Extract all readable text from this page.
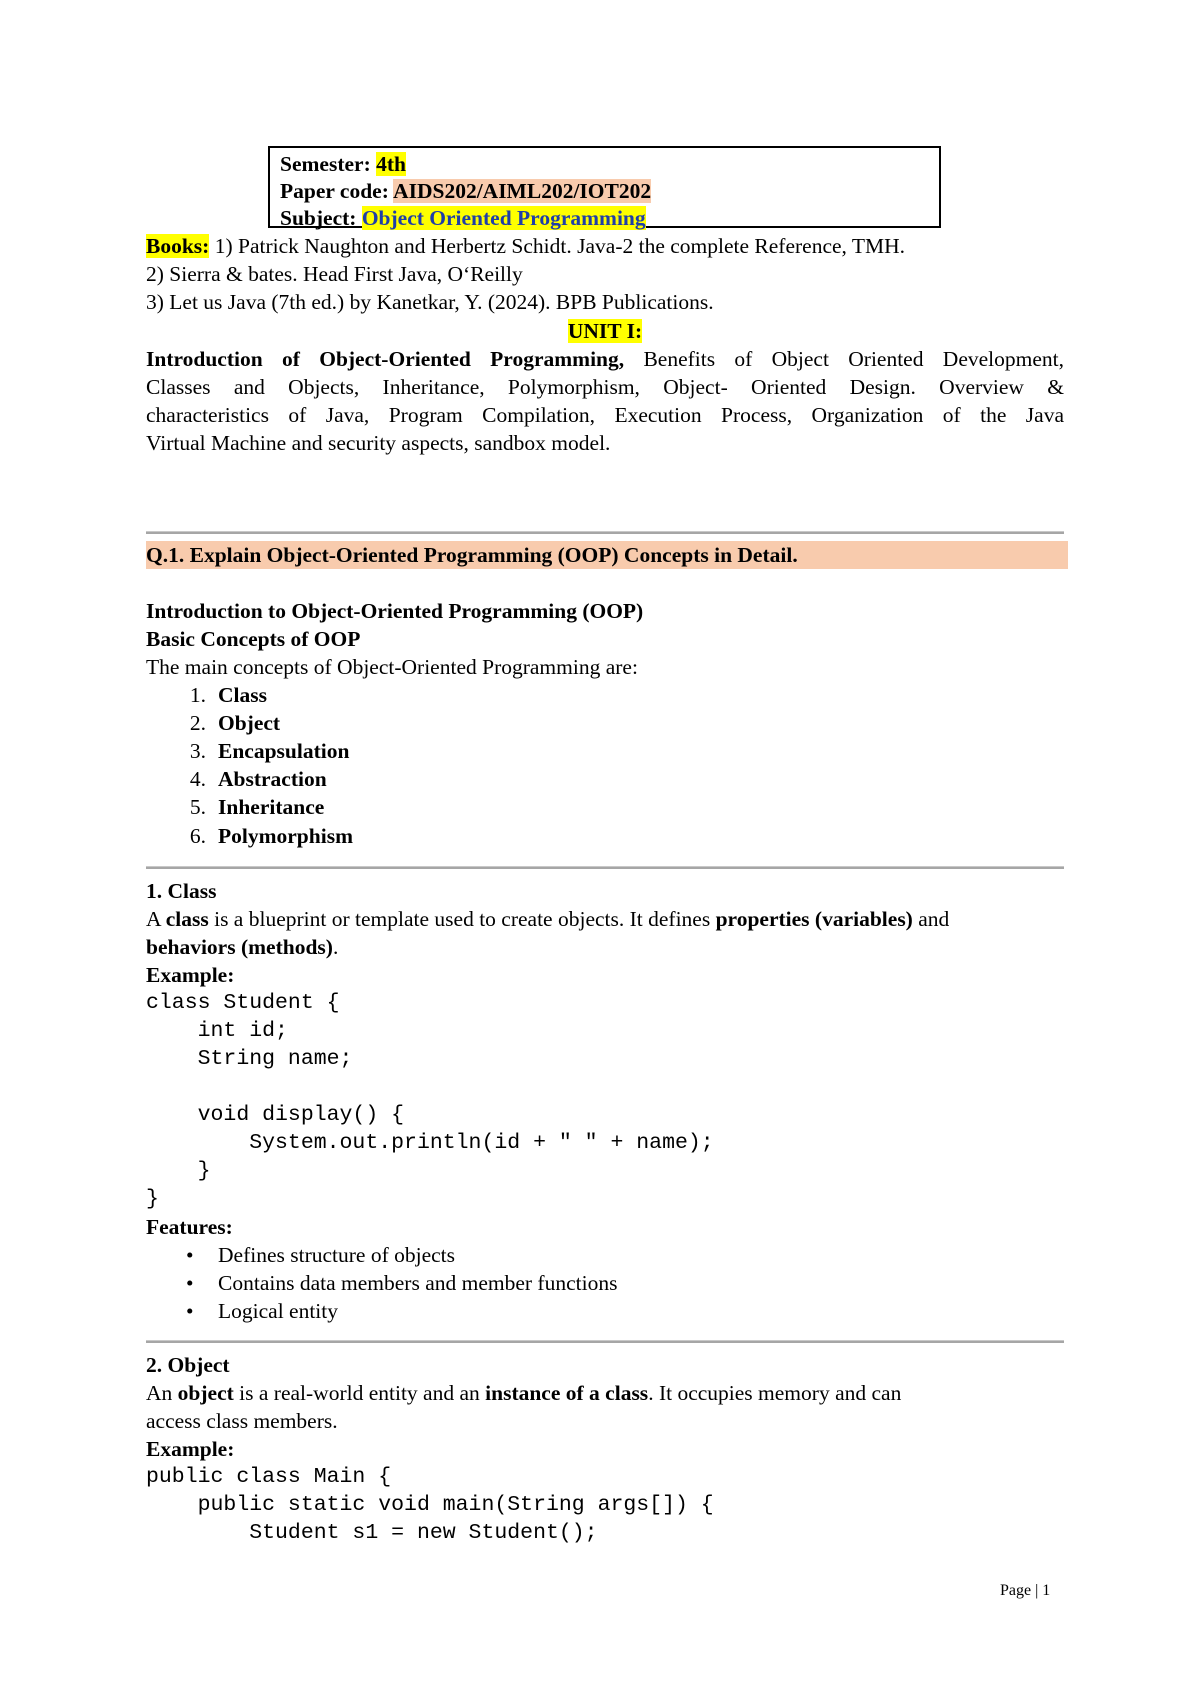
Semester: 4th
Paper code: AIDS202/AIML202/IOT202
Subject: Object Oriented Programming
Books: 1) Patrick Naughton and Herbertz Schidt. Java-2 the complete Reference, TMH.
2) Sierra & bates. Head First Java, O‘Reilly
3) Let us Java (7th ed.) by Kanetkar, Y. (2024). BPB Publications.
UNIT I:
Introduction of Object-Oriented Programming, Benefits of Object Oriented Development,
Classes and Objects, Inheritance, Polymorphism, Object- Oriented Design. Overview &
characteristics of Java, Program Compilation, Execution Process, Organization of the Java
Virtual Machine and security aspects, sandbox model.
Q.1. Explain Object-Oriented Programming (OOP) Concepts in Detail.
Introduction to Object-Oriented Programming (OOP)
Basic Concepts of OOP
The main concepts of Object-Oriented Programming are:
1. Class
2. Object
3. Encapsulation
4. Abstraction
5. Inheritance
6. Polymorphism
1. Class
A class is a blueprint or template used to create objects. It defines properties (variables) and
behaviors (methods).
Example:
class Student {
int id;
String name;
void display() {
System.out.println(id + " " + name);
}
}
Features:
• Defines structure of objects
• Contains data members and member functions
• Logical entity
2. Object
An object is a real-world entity and an instance of a class. It occupies memory and can
access class members.
Example:
public class Main {
public static void main(String args[]) {
Student s1 = new Student();
Page | 1
